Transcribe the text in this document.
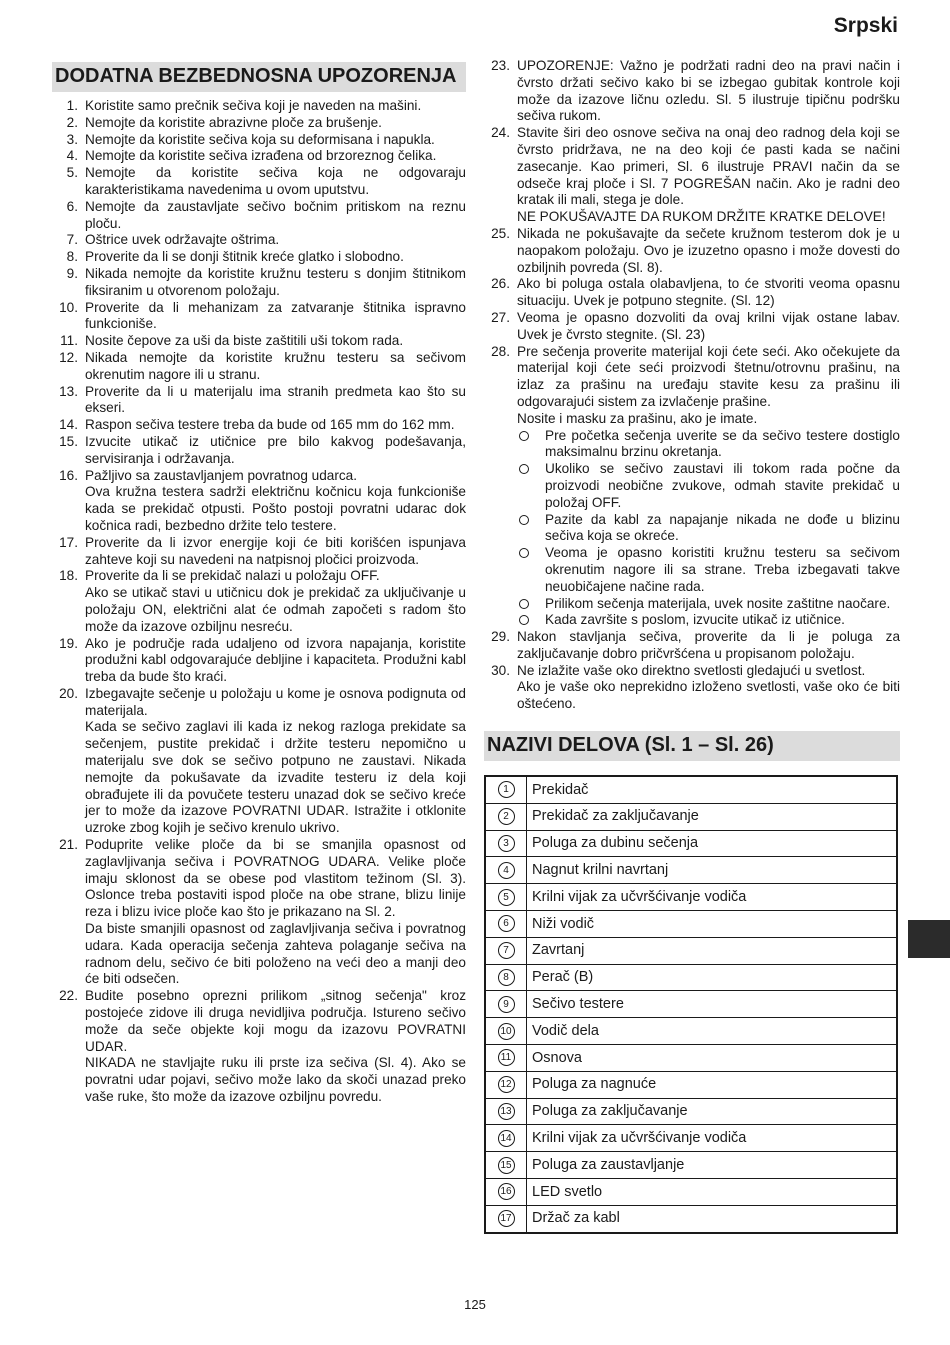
Srpski
DODATNA BEZBEDNOSNA UPOZORENJA
1. Koristite samo prečnik sečiva koji je naveden na mašini.

2. Nemojte da koristite abrazivne ploče za brušenje.

3. Nemojte da koristite sečiva koja su deformisana i napukla.

4. Nemojte da koristite sečiva izrađena od brzoreznog čelika.

5. Nemojte da koristite sečiva koja ne odgovaraju karakteristikama navedenima u ovom uputstvu.

6. Nemojte da zaustavljate sečivo bočnim pritiskom na reznu ploču.

7. Oštrice uvek održavajte oštrima.

8. Proverite da li se donji štitnik kreće glatko i slobodno.

9. Nikada nemojte da koristite kružnu testeru s donjim štitnikom fiksiranim u otvorenom položaju.

10. Proverite da li mehanizam za zatvaranje štitnika ispravno funkcioniše.

11. Nosite čepove za uši da biste zaštitili uši tokom rada.

12. Nikada nemojte da koristite kružnu testeru sa sečivom okrenutim nagore ili u stranu.

13. Proverite da li u materijalu ima stranih predmeta kao što su ekseri.

14. Raspon sečiva testere treba da bude od 165 mm do 162 mm.

15. Izvucite utikač iz utičnice pre bilo kakvog podešavanja, servisiranja i održavanja.

16. Pažljivo sa zaustavljanjem povratnog udarca.

Ova kružna testera sadrži električnu kočnicu koja funkcioniše kada se prekidač otpusti. Pošto postoji povratni udarac dok kočnica radi, bezbedno držite telo testere.

17. Proverite da li izvor energije koji će biti korišćen ispunjava zahteve koji su navedeni na natpisnoj pločici proizvoda.

18. Proverite da li se prekidač nalazi u položaju OFF.

Ako se utikač stavi u utičnicu dok je prekidač za uključivanje u položaju ON, električni alat će odmah započeti s radom što može da izazove ozbiljnu nesreću.

19. Ako je područje rada udaljeno od izvora napajanja, koristite produžni kabl odgovarajuće debljine i kapaciteta. Produžni kabl treba da bude što kraći.

20. Izbegavajte sečenje u položaju u kome je osnova podignuta od materijala.

Kada se sečivo zaglavi ili kada iz nekog razloga prekidate sa sečenjem, pustite prekidač i držite testeru nepomično u materijalu sve dok se sečivo potpuno ne zaustavi. Nikada nemojte da pokušavate da izvadite testeru iz dela koji obrađujete ili da povučete testeru unazad dok se sečivo kreće jer to može da izazove POVRATNI UDAR. Istražite i otklonite uzroke zbog kojih je sečivo krenulo ukrivo.

21. Poduprite velike ploče da bi se smanjila opasnost od zaglavljivanja sečiva i POVRATNOG UDARA. Velike ploče imaju sklonost da se obese pod vlastitom težinom (Sl. 3). Oslonce treba postaviti ispod ploče na obe strane, blizu linije reza i blizu ivice ploče kao što je prikazano na Sl. 2.

Da biste smanjili opasnost od zaglavljivanja sečiva i povratnog udara. Kada operacija sečenja zahteva polaganje sečiva na radnom delu, sečivo će biti položeno na veći deo a manji deo će biti odsečen.

22. Budite posebno oprezni prilikom „sitnog sečenja" kroz postojeće zidove ili druga nevidljiva područja. Istureno sečivo može da seče objekte koji mogu da izazovu POVRATNI UDAR.

NIKADA ne stavljajte ruku ili prste iza sečiva (Sl. 4). Ako se povratni udar pojavi, sečivo može lako da skoči unazad preko vaše ruke, što može da izazove ozbiljnu povredu.

23. UPOZORENJE: Važno je podržati radni deo na pravi način i čvrsto držati sečivo kako bi se izbegao gubitak kontrole koji može da izazove ličnu ozledu. Sl. 5 ilustruje tipičnu podršku sečiva rukom.

24. Stavite širi deo osnove sečiva na onaj deo radnog dela koji se čvrsto pridržava, ne na deo koji će pasti kada se načini zasecanje. Kao primeri, Sl. 6 ilustruje PRAVI način da se odseče kraj ploče i Sl. 7 POGREŠAN način. Ako je radni deo kratak ili mali, stega je dole.

NE POKUŠAVAJTE DA RUKOM DRŽITE KRATKE DELOVE!

25. Nikada ne pokušavajte da sečete kružnom testerom dok je u naopakom položaju. Ovo je izuzetno opasno i može dovesti do ozbiljnih povreda (Sl. 8).

26. Ako bi poluga ostala olabavljena, to će stvoriti veoma opasnu situaciju. Uvek je potpuno stegnite. (Sl. 12)

27. Veoma je opasno dozvoliti da ovaj krilni vijak ostane labav. Uvek je čvrsto stegnite. (Sl. 23)

28. Pre sečenja proverite materijal koji ćete seći. Ako očekujete da materijal koji ćete seći proizvodi štetnu/otrovnu prašinu, na izlaz za prašinu na uređaju stavite kesu za prašinu ili odgovarajući sistem za izvlačenje prašine.

Nosite i masku za prašinu, ako je imate.

Pre početka sečenja uverite se da sečivo testere dostiglo maksimalnu brzinu okretanja.
Ukoliko se sečivo zaustavi ili tokom rada počne da proizvodi neobične zvukove, odmah stavite prekidač u položaj OFF.
Pazite da kabl za napajanje nikada ne dođe u blizinu sečiva koja se okreće.
Veoma je opasno koristiti kružnu testeru sa sečivom okrenutim nagore ili sa strane. Treba izbegavati takve neuobičajene načine rada.
Prilikom sečenja materijala, uvek nosite zaštitne naočare.
Kada završite s poslom, izvucite utikač iz utičnice.
29. Nakon stavljanja sečiva, proverite da li je poluga za zaključavanje dobro pričvršćena u propisanom položaju.

30. Ne izlažite vaše oko direktno svetlosti gledajući u svetlost.

Ako je vaše oko neprekidno izloženo svetlosti, vaše oko će biti oštećeno.

NAZIVI DELOVA (Sl. 1 – Sl. 26)
1	Prekidač
2	Prekidač za zaključavanje
3	Poluga za dubinu sečenja
4	Nagnut krilni navrtanj
5	Krilni vijak za učvršćivanje vodiča
6	Niži vodič
7	Zavrtanj
8	Perač (B)
9	Sečivo testere
10	Vodič dela
11	Osnova
12	Poluga za nagnuće
13	Poluga za zaključavanje
14	Krilni vijak za učvršćivanje vodiča
15	Poluga za zaustavljanje
16	LED svetlo
17	Držač za kabl
125
